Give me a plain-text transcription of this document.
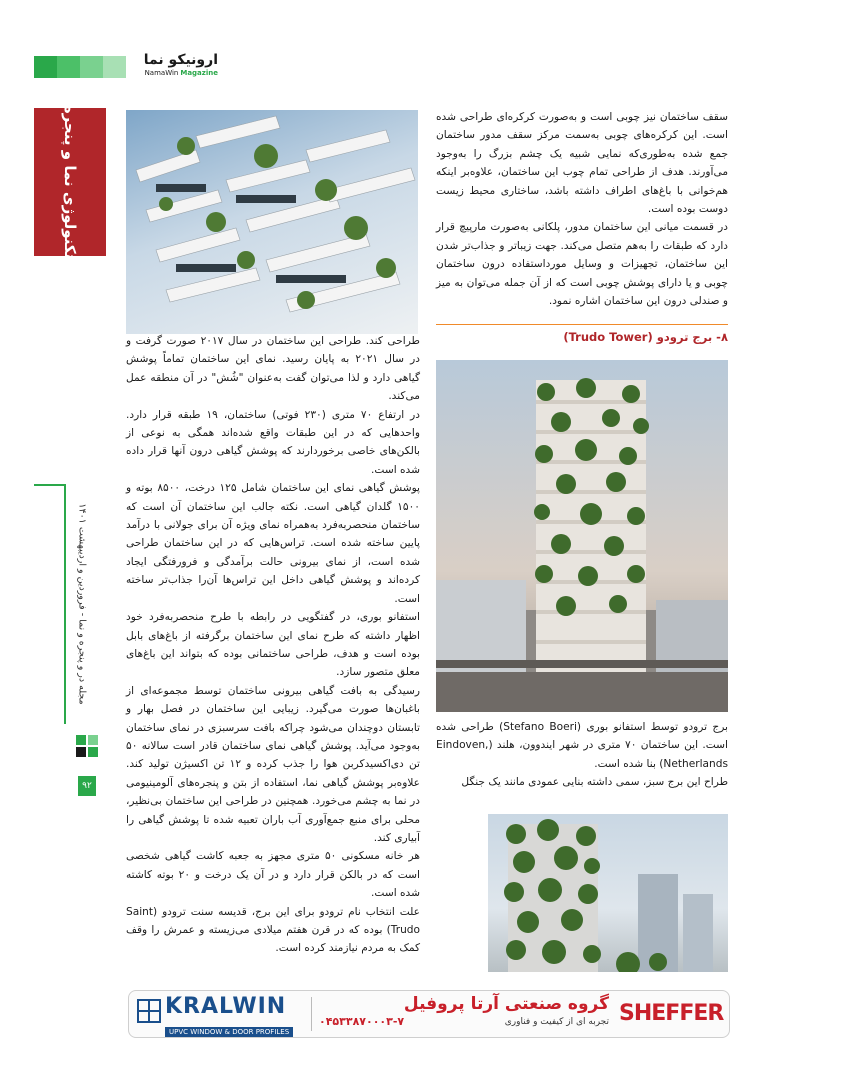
ارونیکو نما
NamaWin Magazine
تکنولوژی نما و پنجره
مجله در و پنجره و نما - فروردین و اردیبهشت ۱۴۰۱
۹۲

سقف ساختمان نیز چوبی است و به‌صورت کرکره‌ای طراحی شده است. این کرکره‌های چوبی به‌سمت مرکز سقف مدور ساختمان جمع شده به‌طوری‌که نمایی شبیه یک چشم بزرگ را به‌وجود می‌آورند. هدف از طراحی تمام چوب این ساختمان، علاوه‌بر اینکه هم‌خوانی با باغ‌های اطراف داشته باشد، ساختاری محیط زیست دوست بوده است.

در قسمت میانی این ساختمان مدور، پلکانی به‌صورت مارپیچ قرار دارد که طبقات را به‌هم متصل می‌کند. جهت زیباتر و جذاب‌تر شدن این ساختمان، تجهیزات و وسایل مورداستفاده درون ساختمان چوبی و یا دارای پوشش چوبی است که از آن جمله می‌توان به میز و صندلی درون این ساختمان اشاره نمود.

۸- برج ترودو (Trudo Tower)

طراحی کند. طراحی این ساختمان در سال ۲۰۱۷ صورت گرفت و در سال ۲۰۲۱ به پایان رسید. نمای این ساختمان تماماً پوشش گیاهی دارد و لذا می‌توان گفت به‌عنوان "شُش" در آن منطقه عمل می‌کند.

در ارتفاع ۷۰ متری (۲۳۰ فوتی) ساختمان، ۱۹ طبقه قرار دارد. واحدهایی که در این طبقات واقع شده‌اند همگی به نوعی از بالکن‌های خاصی برخوردارند که پوشش گیاهی درون آنها قرار داده شده است.

پوشش گیاهی نمای این ساختمان شامل ۱۲۵ درخت، ۸۵۰۰ بوته و ۱۵۰۰ گلدان گیاهی است. نکته جالب این ساختمان آن است که ساختمان منحصربه‌فرد به‌همراه نمای ویژه آن برای جولانی با درآمد پایین ساخته شده است. تراس‌هایی که در این ساختمان طراحی شده است، از نمای بیرونی حالت برآمدگی و فرورفتگی ایجاد کرده‌اند و پوشش گیاهی داخل این تراس‌ها آن‌را جذاب‌تر ساخته است.

استفانو بوری، در گفتگویی در رابطه با طرح منحصربه‌فرد خود اظهار داشته که طرح نمای این ساختمان برگرفته از باغ‌های بابل بوده است و هدف، طراحی ساختمانی بوده که بتواند این باغ‌های معلق متصور سازد.

رسیدگی به بافت گیاهی بیرونی ساختمان توسط مجموعه‌ای از باغبان‌ها صورت می‌گیرد. زیبایی این ساختمان در فصل بهار و تابستان دوچندان می‌شود چراکه بافت سرسبزی در نمای ساختمان به‌وجود می‌آید. پوشش گیاهی نمای ساختمان قادر است سالانه ۵۰ تن دی‌اکسیدکربن هوا را جذب کرده و ۱۲ تن اکسیژن تولید کند. علاوه‌بر پوشش گیاهی نما، استفاده از بتن و پنجره‌های آلومینیومی در نما به چشم می‌خورد. همچنین در طراحی این ساختمان بی‌نظیر، محلی برای منبع جمع‌آوری آب باران تعبیه شده تا پوشش گیاهی را آبیاری کند.

هر خانه مسکونی ۵۰ متری مجهز به جعبه کاشت گیاهی شخصی است که در بالکن قرار دارد و در آن یک درخت و ۲۰ بوته کاشته شده است.

علت انتخاب نام ترودو برای این برج، قدیسه سنت ترودو (Saint Trudo) بوده که در قرن هفتم میلادی می‌زیسته و عمرش را وقف کمک به مردم نیازمند کرده است.

برج ترودو توسط استفانو بوری (Stefano Boeri) طراحی شده است. این ساختمان ۷۰ متری در شهر ایندوون، هلند (Eindoven, Netherlands) بنا شده است.

طراح این برج سبز، سمی داشته بنایی عمودی مانند یک جنگل

KRALWIN
UPVC WINDOW & DOOR PROFILES
گروه صنعتی آرتا پروفیل
تجربه ای از کیفیت و فناوری
۰۴۵۳۳۸۷۰۰۰۳-۷	SHEFFER
